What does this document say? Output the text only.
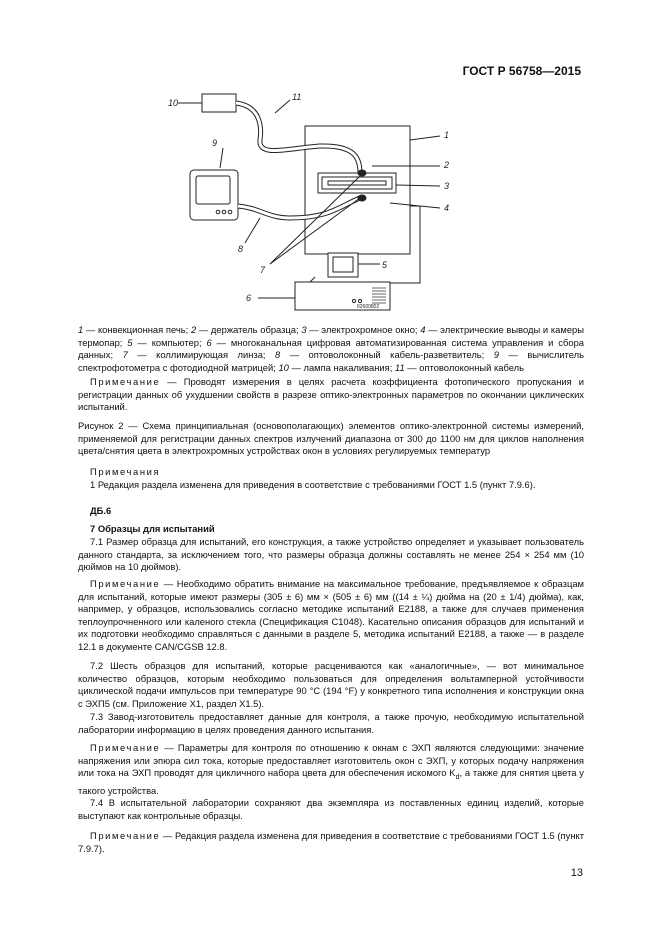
ГОСТ Р 56758—2015
10
11
9
1
2
3
4
8
7	5
6
62600802

1 — конвекционная печь; 2 — держатель образца; 3 — электрохромное окно; 4 — электрические выводы и камеры термопар; 5 — компьютер; 6 — многоканальная цифровая автоматизированная система управления и сбора данных; 7 — коллимирующая линза; 8 — оптоволоконный кабель-разветвитель; 9 — вычислитель спектрофотометра с фотодиодной матрицей; 10 — лампа накаливания; 11 — оптоволоконный кабель

Примечание — Проводят измерения в целях расчета коэффициента фотопического пропускания и регистрации данных об ухудшении свойств в разрезе оптико-электронных параметров по окончании циклических испытаний.

Рисунок 2 — Схема принципиальная (основополагающих) элементов оптико-электронной системы измерений, применяемой для регистрации данных спектров излучений диапазона от 300 до 1100 нм для циклов наполнения цвета/снятия цвета в электрохромных устройствах окон в условиях регулируемых температур

Примечания

1 Редакция раздела изменена для приведения в соответствие с требованиями ГОСТ 1.5 (пункт 7.9.6).

ДБ.6

7 Образцы для испытаний

7.1 Размер образца для испытаний, его конструкция, а также устройство определяет и указывает пользователь данного стандарта, за исключением того, что размеры образца должны составлять не менее 254 × 254 мм (10 дюймов на 10 дюймов).

Примечание — Необходимо обратить внимание на максимальное требование, предъявляемое к образцам для испытаний, которые имеют размеры (305 ± 6) мм × (505 ± 6) мм ((14 ± ¼) дюйма на (20 ± 1/4) дюйма), как, например, у образцов, использовались согласно методике испытаний Е2188, а также для случаев применения теплоупрочненного или каленого стекла (Спецификация С1048). Касательно описания образцов для испытаний и их подготовки необходимо справляться с данными в разделе 5, методика испытаний Е2188, а также — в разделе 12.1 в документе CAN/CGSB 12.8.

7.2 Шесть образцов для испытаний, которые расцениваются как «аналогичные», — вот минимальное количество образцов, которым необходимо пользоваться для определения вольтамперной устойчивости циклической подачи импульсов при температуре 90 °С (194 °F) у конкретного типа исполнения и конструкции окна с ЭХП5 (см. Приложение Х1, раздел Х1.5).

7.3 Завод-изготовитель предоставляет данные для контроля, а также прочую, необходимую испытательной лаборатории информацию в целях проведения данного испытания.

Примечание — Параметры для контроля по отношению к окнам с ЭХП являются следующими: значение напряжения или эпюра сил тока, которые предоставляет изготовитель окон с ЭХП, у которых подачу напряжения или тока на ЭХП проводят для цикличного набора цвета для обеспечения искомого $K_d$, а также для снятия цвета у такого устройства.

7.4 В испытательной лаборатории сохраняют два экземпляра из поставленных единиц изделий, которые выступают как контрольные образцы.

Примечание — Редакция раздела изменена для приведения в соответствие с требованиями ГОСТ 1.5 (пункт 7.9.7).

13
